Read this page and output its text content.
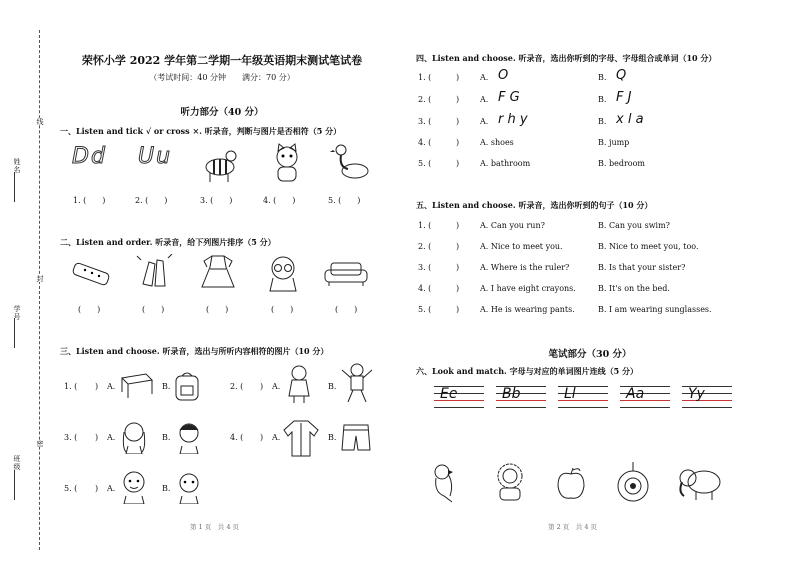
姓名
学号
班级
线
封
密
荣怀小学 2022 学年第二学期一年级英语期末测试笔试卷
（考试时间：40 分钟　　满分：70 分）
听力部分（40 分）
一、Listen and tick √ or cross ×. 听录音，判断与图片是否相符（5 分）
Dd Uu
1. (　　)	2. (　　)	3. (　　)	4. (　　)	5. (　　)
二、Listen and order. 听录音，给下列图片排序（5 分）
(　　)	(　　)	(　　)	(　　)	(　　)
三、Listen and choose. 听录音，选出与所听内容相符的图片（10 分）
1. ( ) A.	B.	2. ( ) A.	B.
3. ( ) A.	B.	4. ( ) A.	B.
5. ( ) A.	B.
第 1 页　共 4 页
四、Listen and choose. 听录音，选出你听到的字母、字母组合或单词（10 分）
1. (	)	A. O	B. Q
2. (	)	A. F G	B. F J
3. (	)	A. r h y	B. x l a
4. (	)	A. shoes	B. jump
5. (	)	A. bathroom	B. bedroom
五、Listen and choose. 听录音，选出你听到的句子（10 分）
1. (	)	A. Can you run?	B. Can you swim?
2. (	)	A. Nice to meet you.	B. Nice to meet you, too.
3. (	)	A. Where is the ruler?	B. Is that your sister?
4. (	)	A. I have eight crayons.	B. It's on the bed.
5. (	)	A. He is wearing pants.	B. I am wearing sunglasses.
笔试部分（30 分）
六、Look and match. 字母与对应的单词图片连线（5 分）
Ee	Bb	Ll	Aa	Yy
第 2 页　共 4 页
